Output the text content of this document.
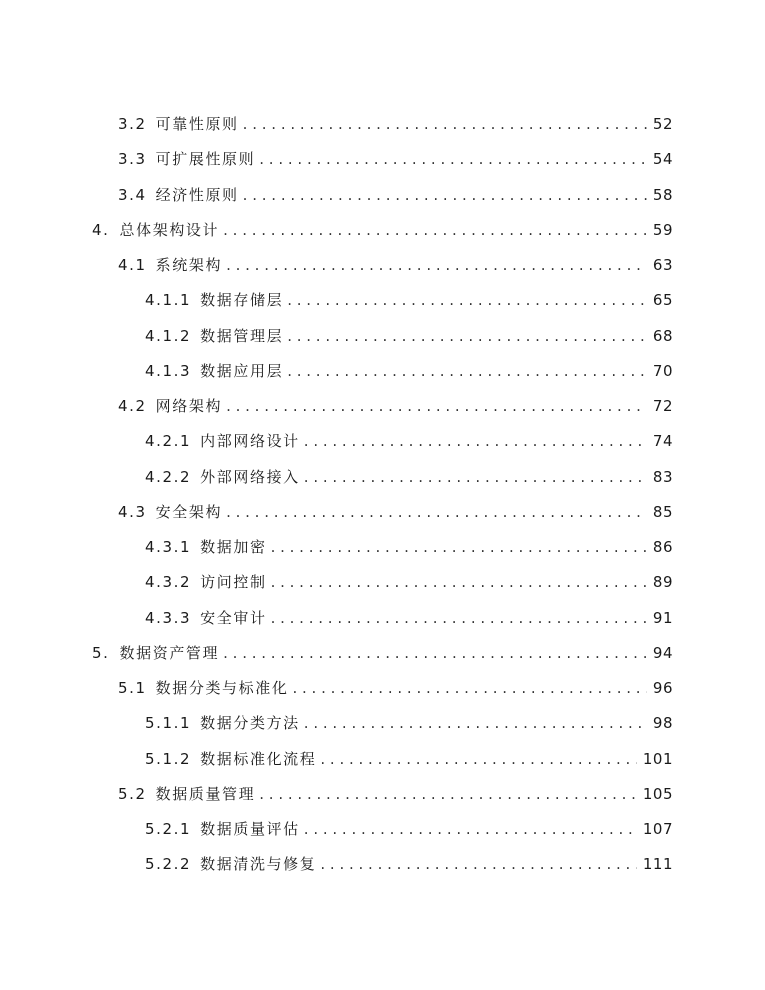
3.2 可靠性原则 . . .	52
3.3 可扩展性原则 . . .	54
3.4 经济性原则 . . .	58
4. 总体架构设计 . . .	59
4.1 系统架构 . . .	63
4.1.1 数据存储层 . . .	65
4.1.2 数据管理层 . . .	68
4.1.3 数据应用层 . . .	70
4.2 网络架构 . . .	72
4.2.1 内部网络设计 . . .	74
4.2.2 外部网络接入 . . .	83
4.3 安全架构 . . .	85
4.3.1 数据加密 . . .	86
4.3.2 访问控制 . . .	89
4.3.3 安全审计 . . .	91
5. 数据资产管理 . . .	94
5.1 数据分类与标准化 . . .	96
5.1.1 数据分类方法 . . .	98
5.1.2 数据标准化流程 . . .	101
5.2 数据质量管理 . . .	105
5.2.1 数据质量评估 . . .	107
5.2.2 数据清洗与修复 . . .	111
